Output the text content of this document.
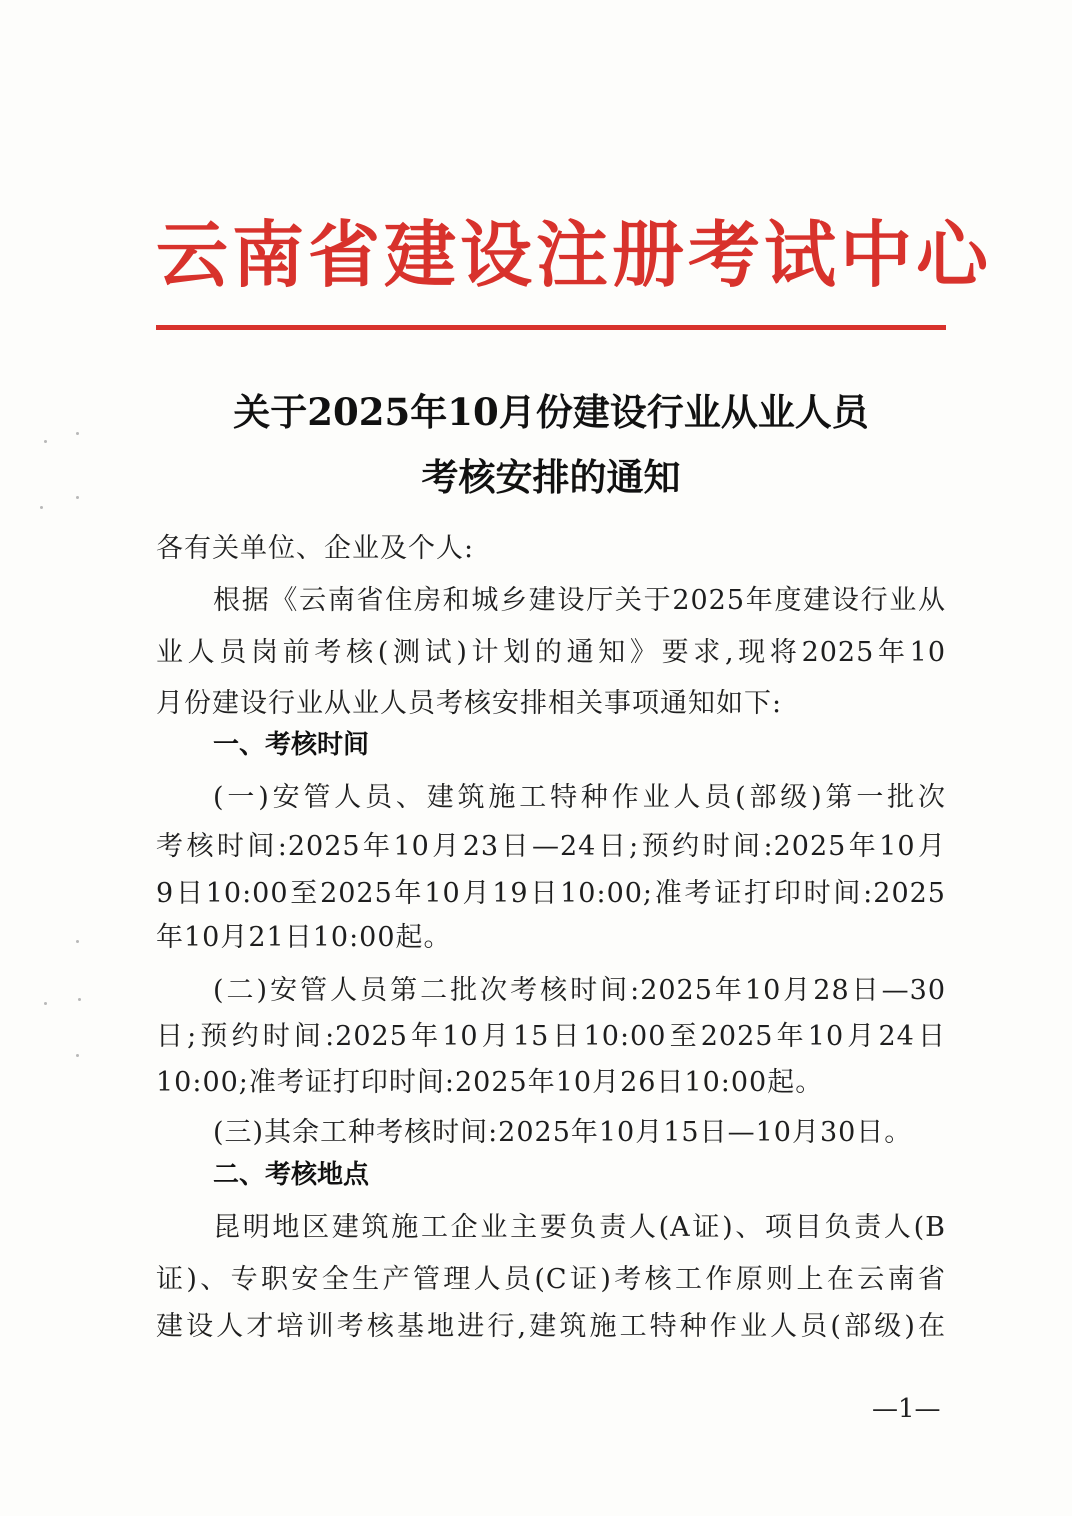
云南省建设注册考试中心
关于2025年10月份建设行业从业人员
考核安排的通知
各有关单位、企业及个人:
根据《云南省住房和城乡建设厅关于2025年度建设行业从
业人员岗前考核(测试)计划的通知》要求,现将2025年10
月份建设行业从业人员考核安排相关事项通知如下:
一、考核时间
(一)安管人员、建筑施工特种作业人员(部级)第一批次
考核时间:2025年10月23日—24日;预约时间:2025年10月
9日10:00至2025年10月19日10:00;准考证打印时间:2025
年10月21日10:00起。
(二)安管人员第二批次考核时间:2025年10月28日—30
日;预约时间:2025年10月15日10:00至2025年10月24日
10:00;准考证打印时间:2025年10月26日10:00起。
(三)其余工种考核时间:2025年10月15日—10月30日。
二、考核地点
昆明地区建筑施工企业主要负责人(A证)、项目负责人(B
证)、专职安全生产管理人员(C证)考核工作原则上在云南省
建设人才培训考核基地进行,建筑施工特种作业人员(部级)在
—1—
